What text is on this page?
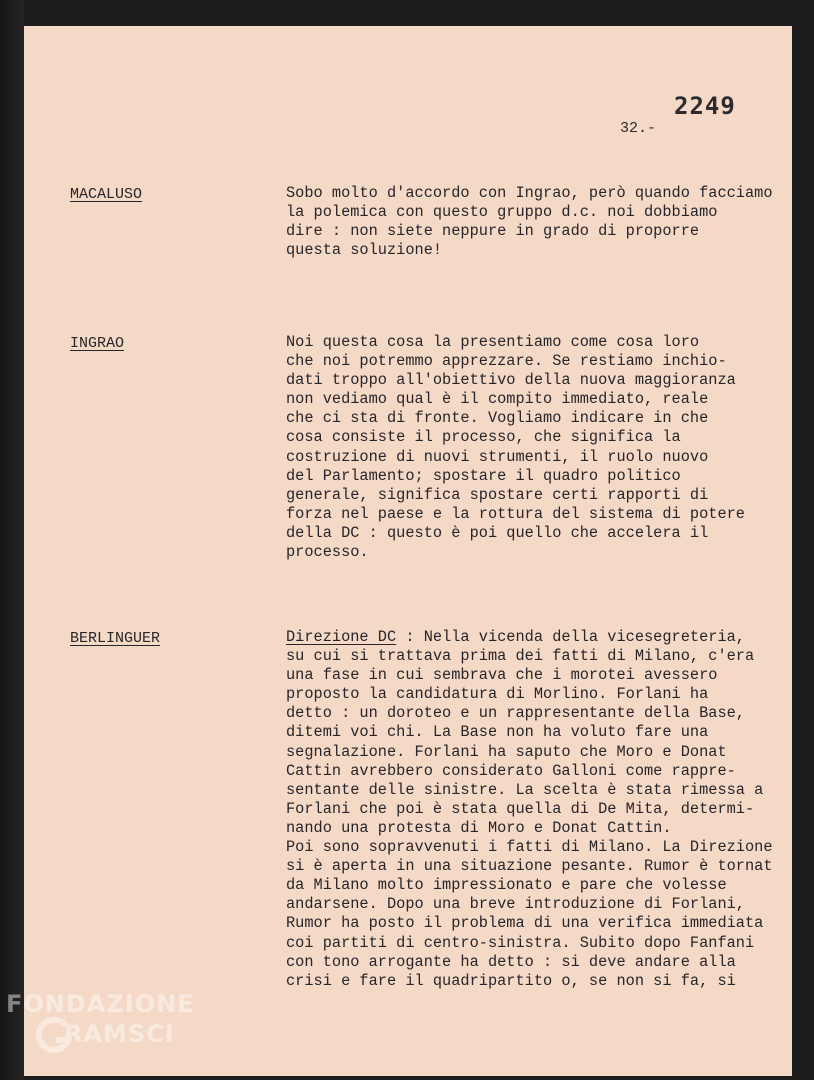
2249
32.-
MACALUSO	Sobo molto d'accordo con Ingrao, però quando facciamo
la polemica con questo gruppo d.c. noi dobbiamo
dire : non siete neppure in grado di proporre
questa soluzione!
INGRAO	Noi questa cosa la presentiamo come cosa loro
che noi potremmo apprezzare. Se restiamo inchio-
dati troppo all'obiettivo della nuova maggioranza
non vediamo qual è il compito immediato, reale
che ci sta di fronte. Vogliamo indicare in che
cosa consiste il processo, che significa la
costruzione di nuovi strumenti, il ruolo nuovo
del Parlamento; spostare il quadro politico
generale, significa spostare certi rapporti di
forza nel paese e la rottura del sistema di potere
della DC : questo è poi quello che accelera il
processo.
BERLINGUER	Direzione DC : Nella vicenda della vicesegreteria,
su cui si trattava prima dei fatti di Milano, c'era
una fase in cui sembrava che i morotei avessero
proposto la candidatura di Morlino. Forlani ha
detto : un doroteo e un rappresentante della Base,
ditemi voi chi. La Base non ha voluto fare una
segnalazione. Forlani ha saputo che Moro e Donat
Cattin avrebbero considerato Galloni come rappre-
sentante delle sinistre. La scelta è stata rimessa a
Forlani che poi è stata quella di De Mita, determi-
nando una protesta di Moro e Donat Cattin.
Poi sono sopravvenuti i fatti di Milano. La Direzione
si è aperta in una situazione pesante. Rumor è tornat
da Milano molto impressionato e pare che volesse
andarsene. Dopo una breve introduzione di Forlani,
Rumor ha posto il problema di una verifica immediata
coi partiti di centro-sinistra. Subito dopo Fanfani
con tono arrogante ha detto : si deve andare alla
crisi e fare il quadripartito o, se non si fa, si
FONDAZIONE
RAMSCI
